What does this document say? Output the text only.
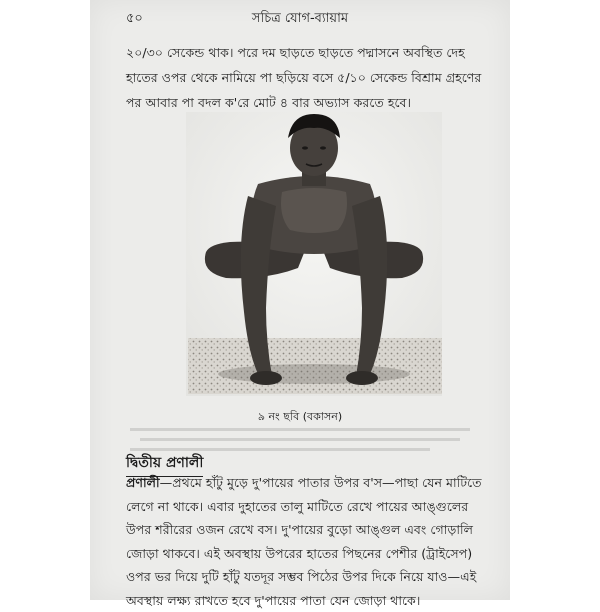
৫০	সচিত্র যোগ-ব্যায়াম
২০/৩০ সেকেন্ড থাক। পরে দম ছাড়তে ছাড়তে পদ্মাসনে অবস্থিত দেহ হাতের ওপর থেকে নামিয়ে পা ছড়িয়ে বসে ৫/১০ সেকেন্ড বিশ্রাম গ্রহণের পর আবার পা বদল ক'রে মোট ৪ বার অভ্যাস করতে হবে।
৯ নং ছবি (বকাসন)
দ্বিতীয় প্রণালী
প্রণালী—প্রথমে হাঁটু মুড়ে দু'পায়ের পাতার উপর ব'স—পাছা যেন মাটিতে লেগে না থাকে। এবার দুহাতের তালু মাটিতে রেখে পায়ের আঙ্গুলের উপর শরীরের ওজন রেখে বস। দু'পায়ের বুড়ো আঙ্গুল এবং গোড়ালি জোড়া থাকবে। এই অবস্থায় উপরের হাতের পিছনের পেশীর (ট্রাইসেপ) ওপর ভর দিয়ে দুটি হাঁটু যতদূর সম্ভব পিঠের উপর দিকে নিয়ে যাও—এই অবস্থায় লক্ষ্য রাখতে হবে দু'পায়ের পাতা যেন জোড়া থাকে।
